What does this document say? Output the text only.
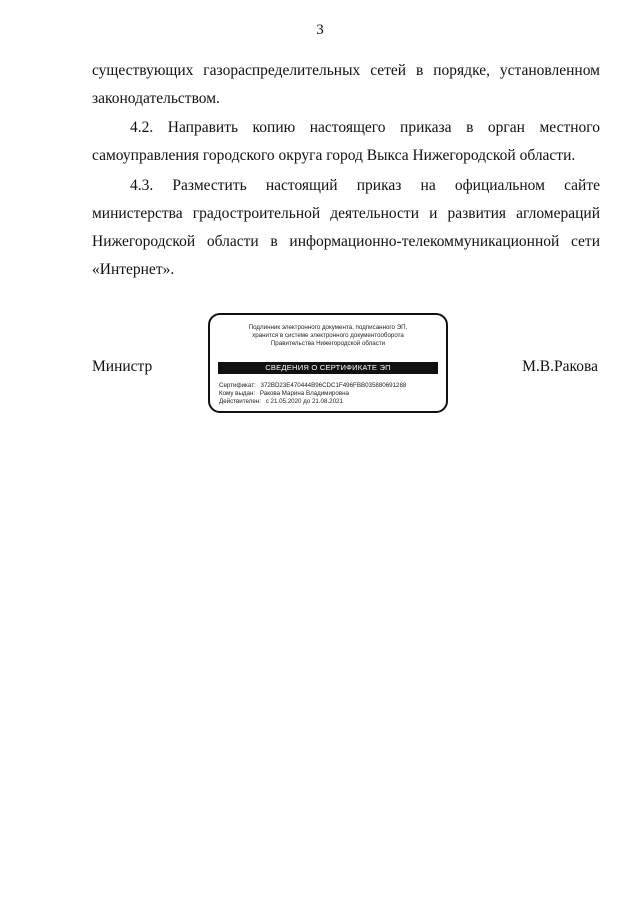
3

существующих газораспределительных сетей в порядке, установленном законодательством.

4.2. Направить копию настоящего приказа в орган местного самоуправления городского округа город Выкса Нижегородской области.

4.3. Разместить настоящий приказ на официальном сайте министерства градостроительной деятельности и развития агломераций Нижегородской области в информационно-телекоммуникационной сети «Интернет».

Министр	М.В.Ракова
Подлинник электронного документа, подписанного ЭП,
хранится в системе электронного документооборота
Правительства Нижегородской области
СВЕДЕНИЯ О СЕРТИФИКАТЕ ЭП
Сертификат: 372BD23E470444B96CDC1F496FBB035880691288
Кому выдан: Ракова Марина Владимировна
Действителен: с 21.05.2020 до 21.08.2021
